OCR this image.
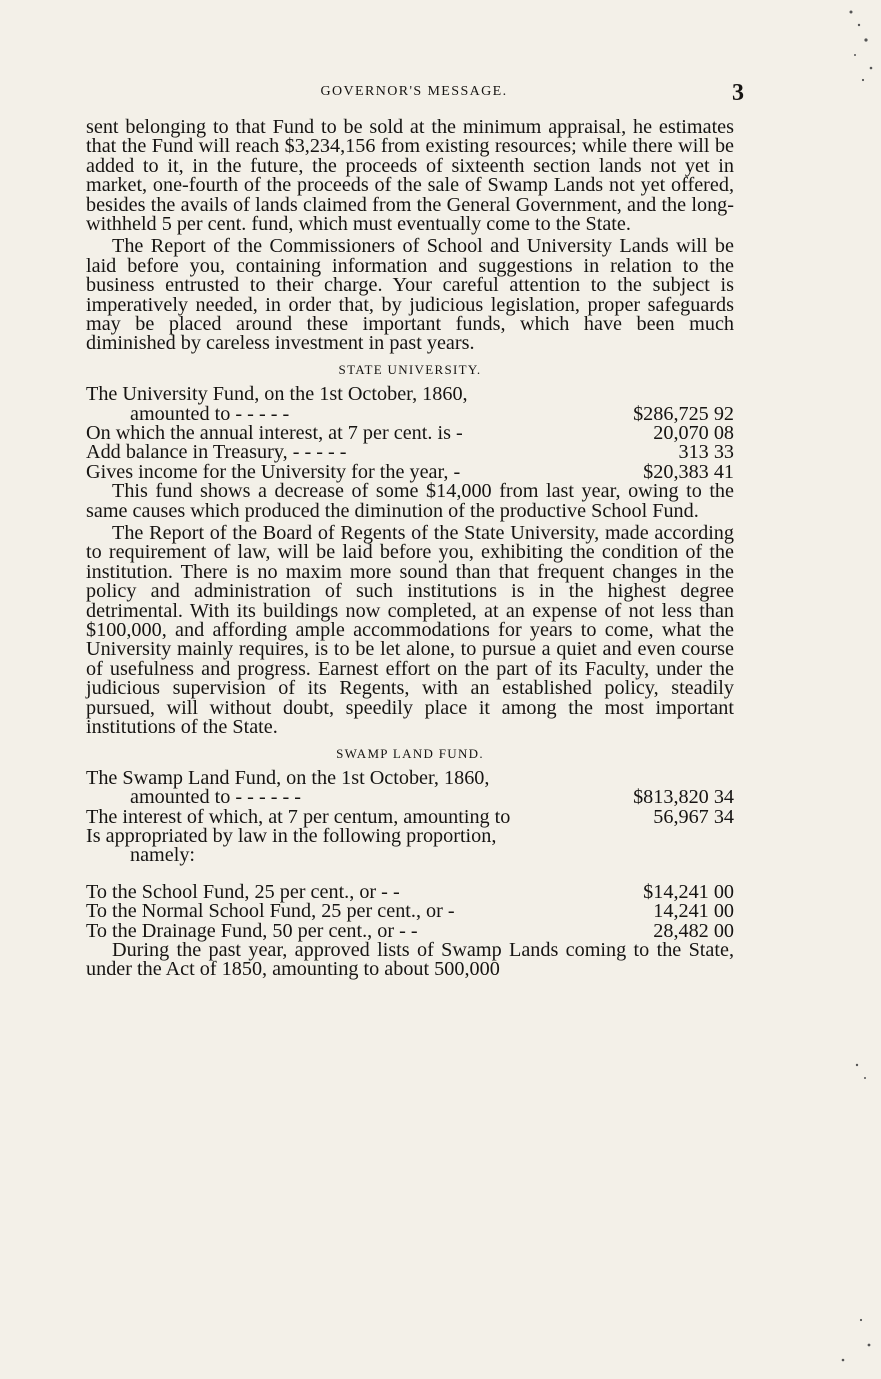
GOVERNOR'S MESSAGE.	3

sent belonging to that Fund to be sold at the minimum appraisal, he estimates that the Fund will reach $3,234,156 from existing resources; while there will be added to it, in the future, the proceeds of sixteenth section lands not yet in market, one-fourth of the proceeds of the sale of Swamp Lands not yet offered, besides the avails of lands claimed from the General Government, and the long-withheld 5 per cent. fund, which must eventually come to the State.

The Report of the Commissioners of School and University Lands will be laid before you, containing information and suggestions in relation to the business entrusted to their charge. Your careful attention to the subject is imperatively needed, in order that, by judicious legislation, proper safeguards may be placed around these important funds, which have been much diminished by careless investment in past years.

STATE UNIVERSITY.
The University Fund, on the 1st October, 1860,
amounted to - - - - -	$286,725 92
On which the annual interest, at 7 per cent. is -	20,070 08
Add balance in Treasury, - - - - -	313 33
Gives income for the University for the year, -	$20,383 41

This fund shows a decrease of some $14,000 from last year, owing to the same causes which produced the diminution of the productive School Fund.

The Report of the Board of Regents of the State University, made according to requirement of law, will be laid before you, exhibiting the condition of the institution. There is no maxim more sound than that frequent changes in the policy and administration of such institutions is in the highest degree detrimental. With its buildings now completed, at an expense of not less than $100,000, and affording ample accommodations for years to come, what the University mainly requires, is to be let alone, to pursue a quiet and even course of usefulness and progress. Earnest effort on the part of its Faculty, under the judicious supervision of its Regents, with an established policy, steadily pursued, will without doubt, speedily place it among the most important institutions of the State.

SWAMP LAND FUND.
The Swamp Land Fund, on the 1st October, 1860,
amounted to - - - - - -	$813,820 34
The interest of which, at 7 per centum, amounting to	56,967 34
Is appropriated by law in the following proportion,
namely:
To the School Fund, 25 per cent., or - -	$14,241 00
To the Normal School Fund, 25 per cent., or -	14,241 00
To the Drainage Fund, 50 per cent., or - -	28,482 00

During the past year, approved lists of Swamp Lands coming to the State, under the Act of 1850, amounting to about 500,000
